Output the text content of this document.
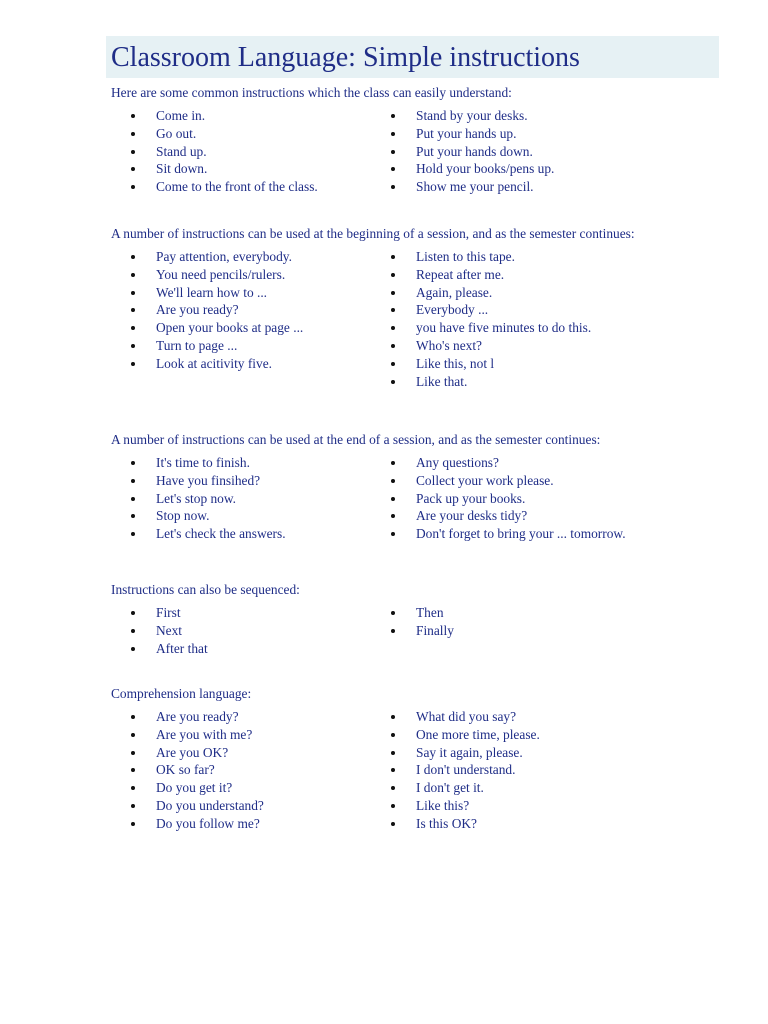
Classroom Language: Simple instructions

Here are some common instructions which the class can easily understand:

Come in.
Go out.
Stand up.
Sit down.
Come to the front of the class.
Stand by your desks.
Put your hands up.
Put your hands down.
Hold your books/pens up.
Show me your pencil.

A number of instructions can be used at the beginning of a session, and as the semester continues:

Pay attention, everybody.
You need pencils/rulers.
We'll learn how to ...
Are you ready?
Open your books at page ...
Turn to page ...
Look at acitivity five.
Listen to this tape.
Repeat after me.
Again, please.
Everybody ...
you have five minutes to do this.
Who's next?
Like this, not l
Like that.

A number of instructions can be used at the end of a session, and as the semester continues:

It's time to finish.
Have you finsihed?
Let's stop now.
Stop now.
Let's check the answers.
Any questions?
Collect your work please.
Pack up your books.
Are your desks tidy?
Don't forget to bring your ... tomorrow.

Instructions can also be sequenced:

First
Next
After that
Then
Finally

Comprehension language:

Are you ready?
Are you with me?
Are you OK?
OK so far?
Do you get it?
Do you understand?
Do you follow me?
What did you say?
One more time, please.
Say it again, please.
I don't understand.
I don't get it.
Like this?
Is this OK?
